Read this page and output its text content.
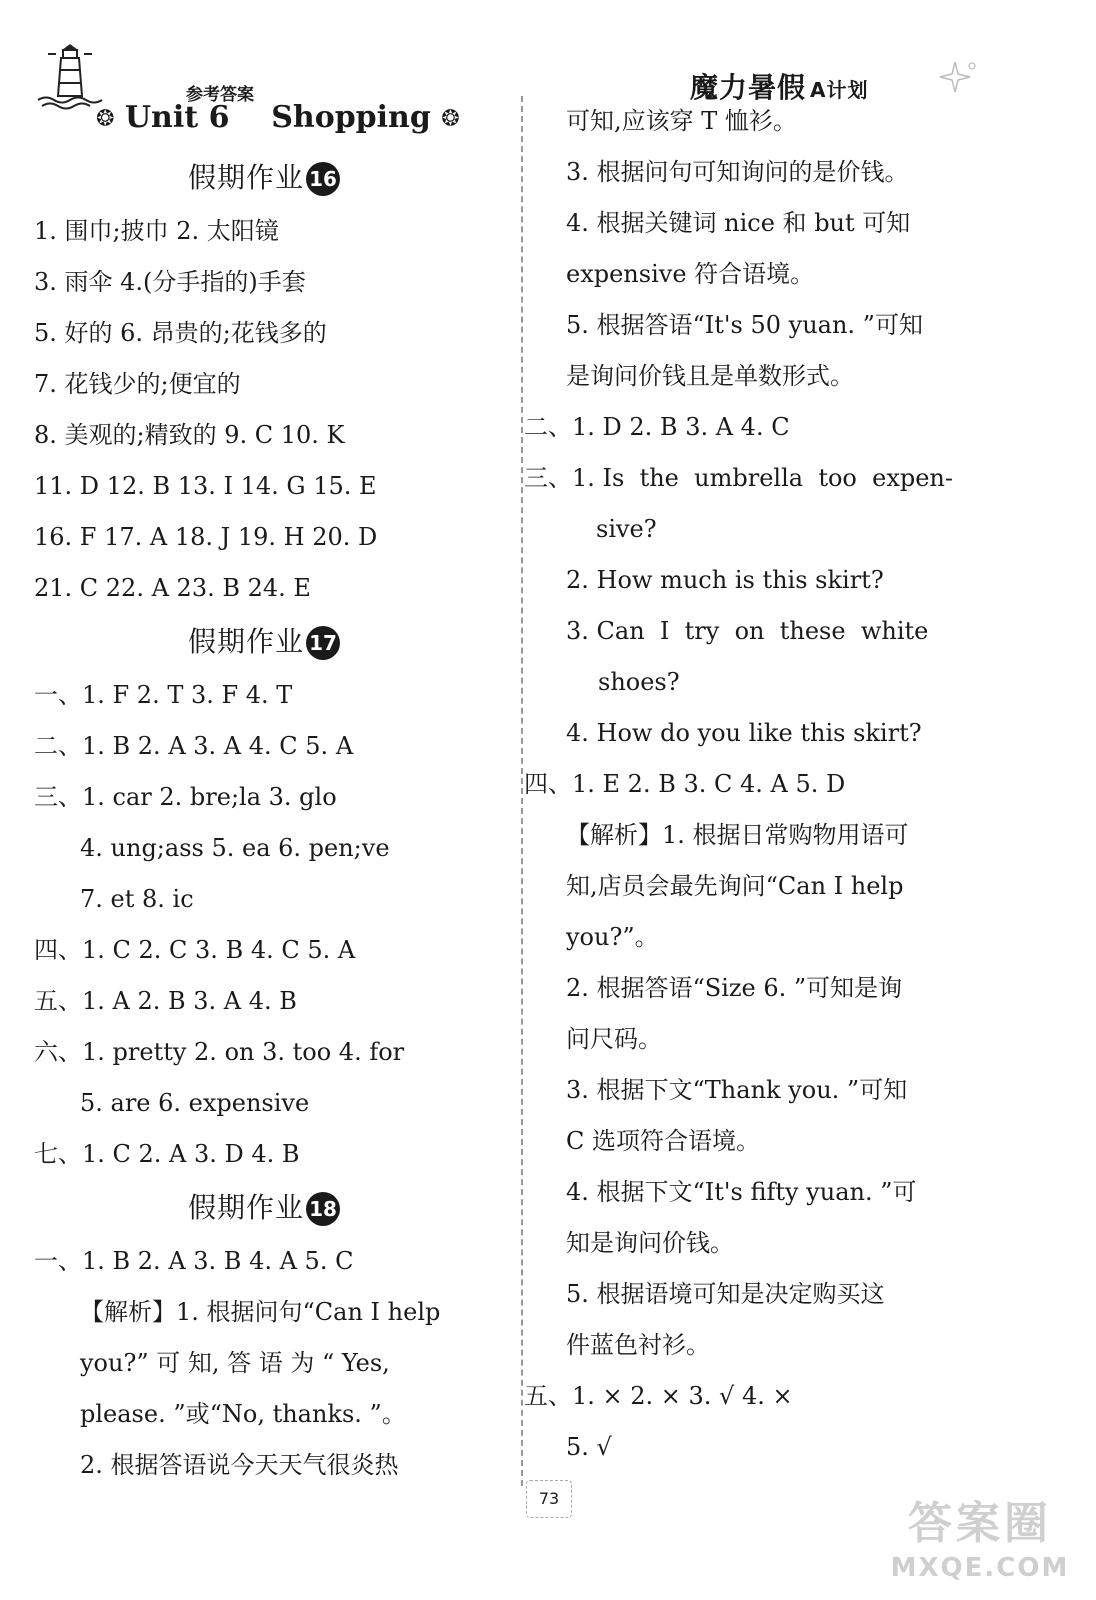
参考答案	魔力暑假 A计划
❂ Unit 6    Shopping ❂
假期作业 16
1. 围巾;披巾 2. 太阳镜
3. 雨伞 4.(分手指的)手套
5. 好的 6. 昂贵的;花钱多的
7. 花钱少的;便宜的
8. 美观的;精致的 9. C 10. K
11. D 12. B 13. I 14. G 15. E
16. F 17. A 18. J 19. H 20. D
21. C 22. A 23. B 24. E
假期作业 17
一、1. F 2. T 3. F 4. T
二、1. B 2. A 3. A 4. C 5. A
三、1. car 2. bre;la 3. glo
4. ung;ass 5. ea 6. pen;ve
7. et 8. ic
四、1. C 2. C 3. B 4. C 5. A
五、1. A 2. B 3. A 4. B
六、1. pretty 2. on 3. too 4. for
5. are 6. expensive
七、1. C 2. A 3. D 4. B
假期作业 18
一、1. B 2. A 3. B 4. A 5. C
【解析】1. 根据问句“Can I help
you?” 可 知, 答 语 为 “ Yes,
please. ”或“No, thanks. ”。
2. 根据答语说今天天气很炎热
可知,应该穿 T 恤衫。
3. 根据问句可知询问的是价钱。
4. 根据关键词 nice 和 but 可知
expensive 符合语境。
5. 根据答语“It's 50 yuan. ”可知
是询问价钱且是单数形式。
二、1. D 2. B 3. A 4. C
三、1. Is  the  umbrella  too  expen-
sive?
2. How much is this skirt?
3. Can  I  try  on  these  white
shoes?
4. How do you like this skirt?
四、1. E 2. B 3. C 4. A 5. D
【解析】1. 根据日常购物用语可
知,店员会最先询问“Can I help
you?”。
2. 根据答语“Size 6. ”可知是询
问尺码。
3. 根据下文“Thank you. ”可知
C 选项符合语境。
4. 根据下文“It's fifty yuan. ”可
知是询问价钱。
5. 根据语境可知是决定购买这
件蓝色衬衫。
五、1. × 2. × 3. √ 4. ×
5. √
73	答案圈
MXQE.COM
